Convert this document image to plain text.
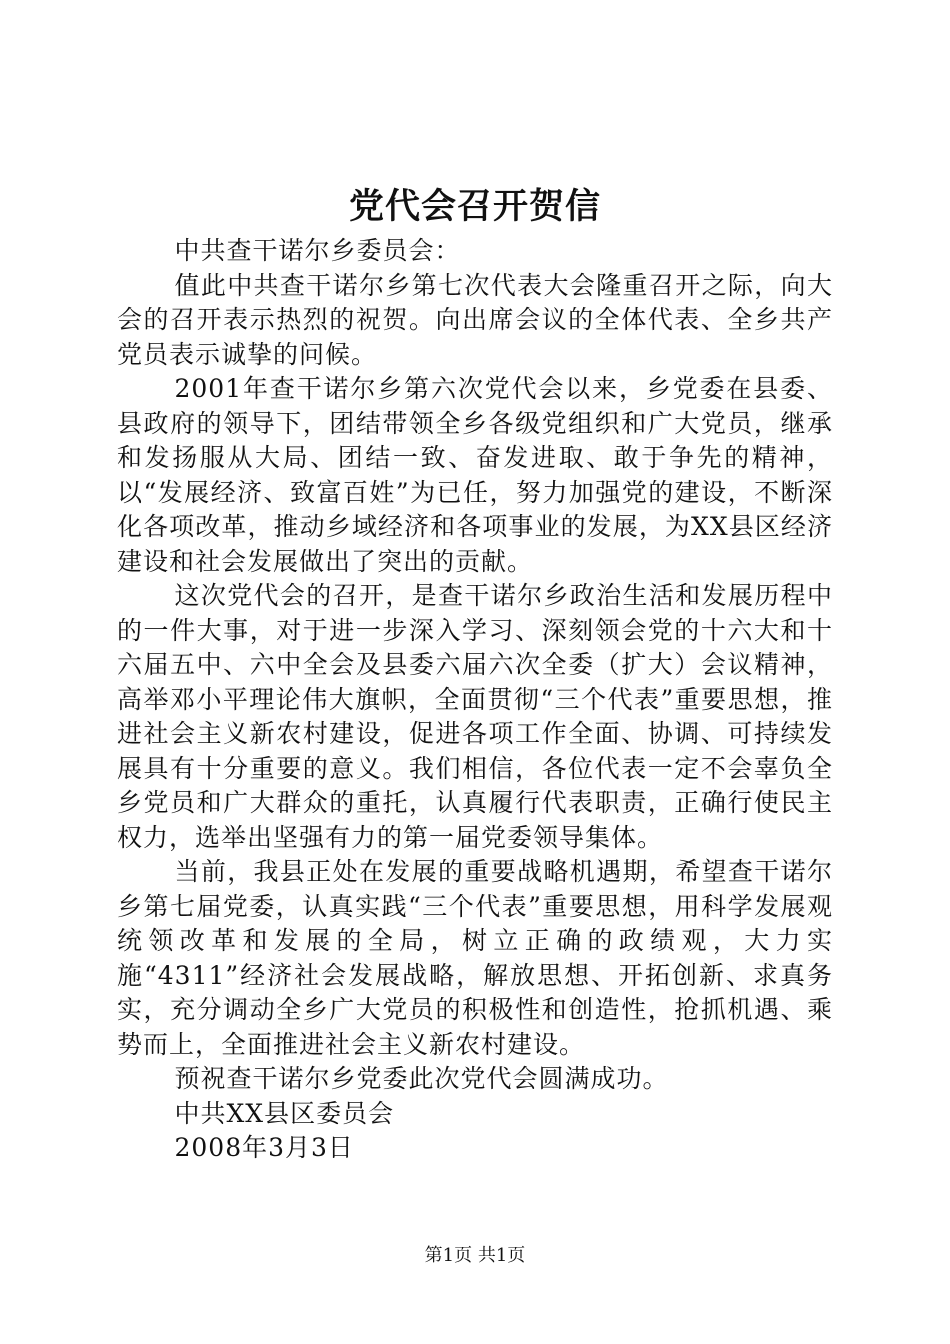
党代会召开贺信

中共查干诺尔乡委员会：

值此中共查干诺尔乡第七次代表大会隆重召开之际，向大会的召开表示热烈的祝贺。向出席会议的全体代表、全乡共产党员表示诚挚的问候。

2001年查干诺尔乡第六次党代会以来，乡党委在县委、县政府的领导下，团结带领全乡各级党组织和广大党员，继承和发扬服从大局、团结一致、奋发进取、敢于争先的精神，以“发展经济、致富百姓”为已任，努力加强党的建设，不断深化各项改革，推动乡域经济和各项事业的发展，为XX县区经济建设和社会发展做出了突出的贡献。

这次党代会的召开，是查干诺尔乡政治生活和发展历程中的一件大事，对于进一步深入学习、深刻领会党的十六大和十六届五中、六中全会及县委六届六次全委（扩大）会议精神，高举邓小平理论伟大旗帜，全面贯彻“三个代表”重要思想，推进社会主义新农村建设，促进各项工作全面、协调、可持续发展具有十分重要的意义。我们相信，各位代表一定不会辜负全乡党员和广大群众的重托，认真履行代表职责，正确行使民主权力，选举出坚强有力的第一届党委领导集体。

当前，我县正处在发展的重要战略机遇期，希望查干诺尔乡第七届党委，认真实践“三个代表”重要思想，用科学发展观统领改革和发展的全局，树立正确的政绩观，大力实施“4311”经济社会发展战略，解放思想、开拓创新、求真务实，充分调动全乡广大党员的积极性和创造性，抢抓机遇、乘势而上，全面推进社会主义新农村建设。

预祝查干诺尔乡党委此次党代会圆满成功。

中共XX县区委员会

2008年3月3日

第1页 共1页
